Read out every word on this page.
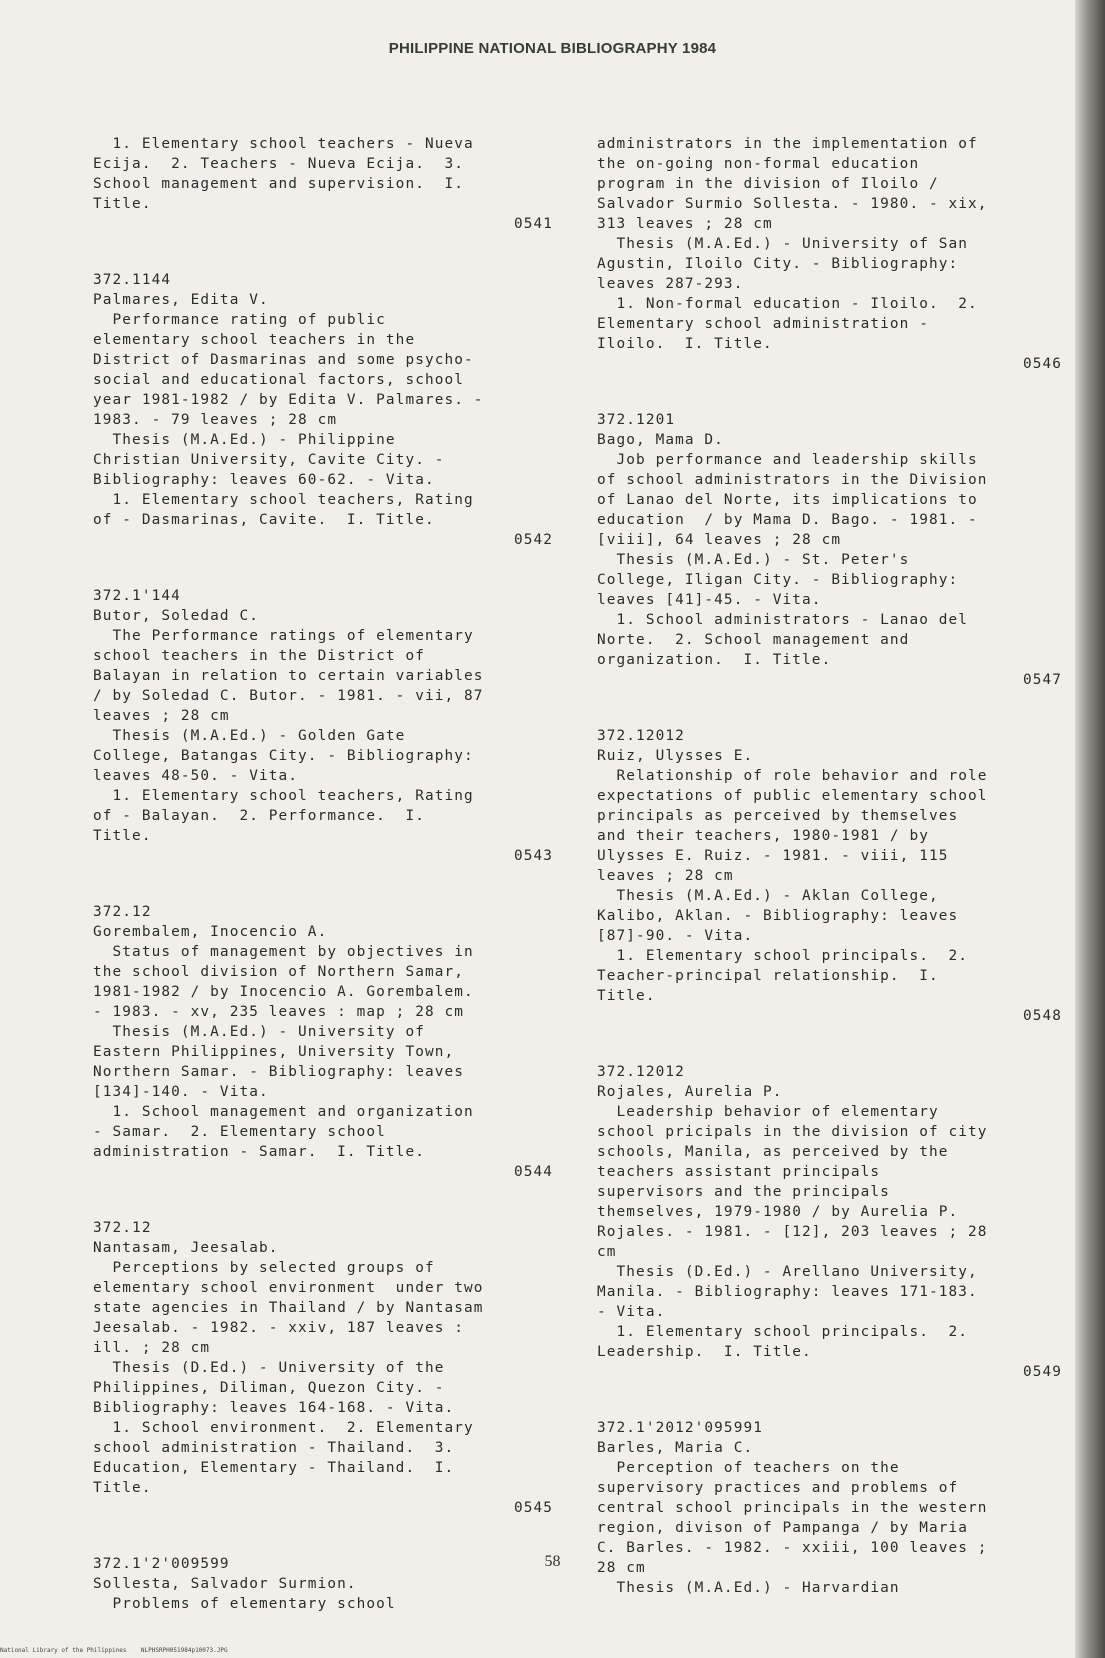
PHILIPPINE NATIONAL BIBLIOGRAPHY 1984
1. Elementary school teachers - Nueva
Ecija.  2. Teachers - Nueva Ecija.  3.
School management and supervision.  I.
Title.
0541
372.1144
Palmares, Edita V.
Performance rating of public
elementary school teachers in the
District of Dasmarinas and some psycho-
social and educational factors, school
year 1981-1982 / by Edita V. Palmares. -
1983. - 79 leaves ; 28 cm
Thesis (M.A.Ed.) - Philippine
Christian University, Cavite City. -
Bibliography: leaves 60-62. - Vita.
1. Elementary school teachers, Rating
of - Dasmarinas, Cavite.  I. Title.
0542
372.1'144
Butor, Soledad C.
The Performance ratings of elementary
school teachers in the District of
Balayan in relation to certain variables
/ by Soledad C. Butor. - 1981. - vii, 87
leaves ; 28 cm
Thesis (M.A.Ed.) - Golden Gate
College, Batangas City. - Bibliography:
leaves 48-50. - Vita.
1. Elementary school teachers, Rating
of - Balayan.  2. Performance.  I.
Title.
0543
372.12
Gorembalem, Inocencio A.
Status of management by objectives in
the school division of Northern Samar,
1981-1982 / by Inocencio A. Gorembalem.
- 1983. - xv, 235 leaves : map ; 28 cm
Thesis (M.A.Ed.) - University of
Eastern Philippines, University Town,
Northern Samar. - Bibliography: leaves
[134]-140. - Vita.
1. School management and organization
- Samar.  2. Elementary school
administration - Samar.  I. Title.
0544
372.12
Nantasam, Jeesalab.
Perceptions by selected groups of
elementary school environment  under two
state agencies in Thailand / by Nantasam
Jeesalab. - 1982. - xxiv, 187 leaves :
ill. ; 28 cm
Thesis (D.Ed.) - University of the
Philippines, Diliman, Quezon City. -
Bibliography: leaves 164-168. - Vita.
1. School environment.  2. Elementary
school administration - Thailand.  3.
Education, Elementary - Thailand.  I.
Title.
0545
372.1'2'009599
Sollesta, Salvador Surmion.
Problems of elementary school
administrators in the implementation of
the on-going non-formal education
program in the division of Iloilo /
Salvador Surmio Sollesta. - 1980. - xix,
313 leaves ; 28 cm
Thesis (M.A.Ed.) - University of San
Agustin, Iloilo City. - Bibliography:
leaves 287-293.
1. Non-formal education - Iloilo.  2.
Elementary school administration -
Iloilo.  I. Title.
0546
372.1201
Bago, Mama D.
Job performance and leadership skills
of school administrators in the Division
of Lanao del Norte, its implications to
education  / by Mama D. Bago. - 1981. -
[viii], 64 leaves ; 28 cm
Thesis (M.A.Ed.) - St. Peter's
College, Iligan City. - Bibliography:
leaves [41]-45. - Vita.
1. School administrators - Lanao del
Norte.  2. School management and
organization.  I. Title.
0547
372.12012
Ruiz, Ulysses E.
Relationship of role behavior and role
expectations of public elementary school
principals as perceived by themselves
and their teachers, 1980-1981 / by
Ulysses E. Ruiz. - 1981. - viii, 115
leaves ; 28 cm
Thesis (M.A.Ed.) - Aklan College,
Kalibo, Aklan. - Bibliography: leaves
[87]-90. - Vita.
1. Elementary school principals.  2.
Teacher-principal relationship.  I.
Title.
0548
372.12012
Rojales, Aurelia P.
Leadership behavior of elementary
school pricipals in the division of city
schools, Manila, as perceived by the
teachers assistant principals
supervisors and the principals
themselves, 1979-1980 / by Aurelia P.
Rojales. - 1981. - [12], 203 leaves ; 28
cm
Thesis (D.Ed.) - Arellano University,
Manila. - Bibliography: leaves 171-183.
- Vita.
1. Elementary school principals.  2.
Leadership.  I. Title.
0549
372.1'2012'095991
Barles, Maria C.
Perception of teachers on the
supervisory practices and problems of
central school principals in the western
region, divison of Pampanga / by Maria
C. Barles. - 1982. - xxiii, 100 leaves ;
28 cm
Thesis (M.A.Ed.) - Harvardian
58
National Library of the Philippines    NLPHSRPH051984p10073.JPG
